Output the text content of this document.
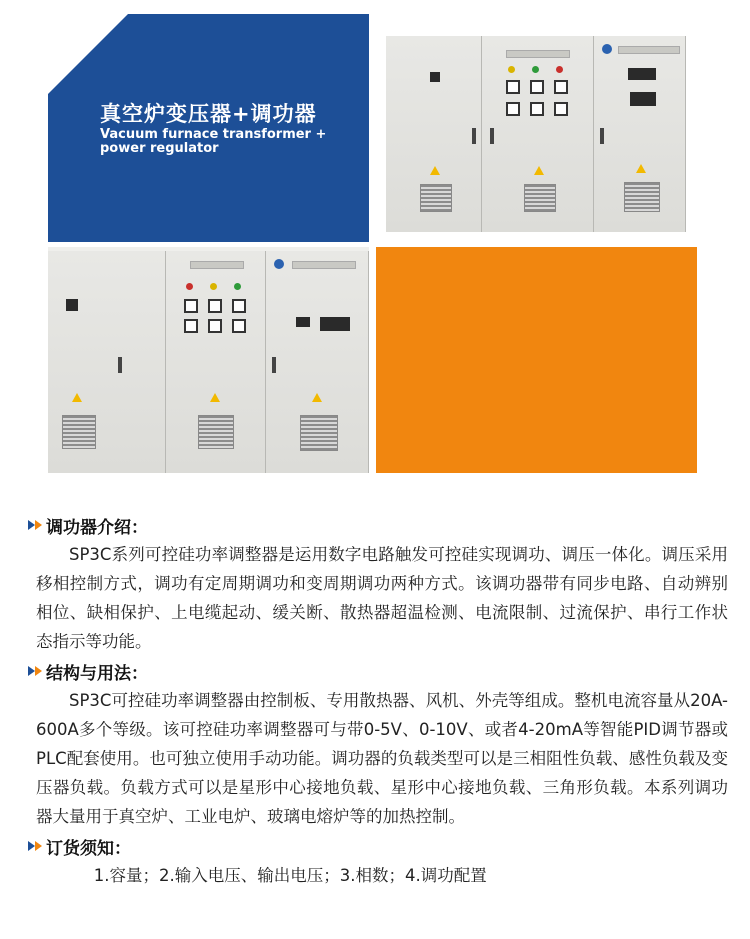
真空炉变压器+调功器
Vacuum furnace transformer + power regulator
调功器介绍：

SP3C系列可控硅功率调整器是运用数字电路触发可控硅实现调功、调压一体化。调压采用移相控制方式，调功有定周期调功和变周期调功两种方式。该调功器带有同步电路、自动辨别相位、缺相保护、上电缆起动、缓关断、散热器超温检测、电流限制、过流保护、串行工作状态指示等功能。

结构与用法：

SP3C可控硅功率调整器由控制板、专用散热器、风机、外壳等组成。整机电流容量从20A-600A多个等级。该可控硅功率调整器可与带0-5V、0-10V、或者4-20mA等智能PID调节器或PLC配套使用。也可独立使用手动功能。调功器的负载类型可以是三相阻性负载、感性负载及变压器负载。负载方式可以是星形中心接地负载、星形中心接地负载、三角形负载。本系列调功器大量用于真空炉、工业电炉、玻璃电熔炉等的加热控制。

订货须知：

1.容量；2.输入电压、输出电压；3.相数；4.调功配置
